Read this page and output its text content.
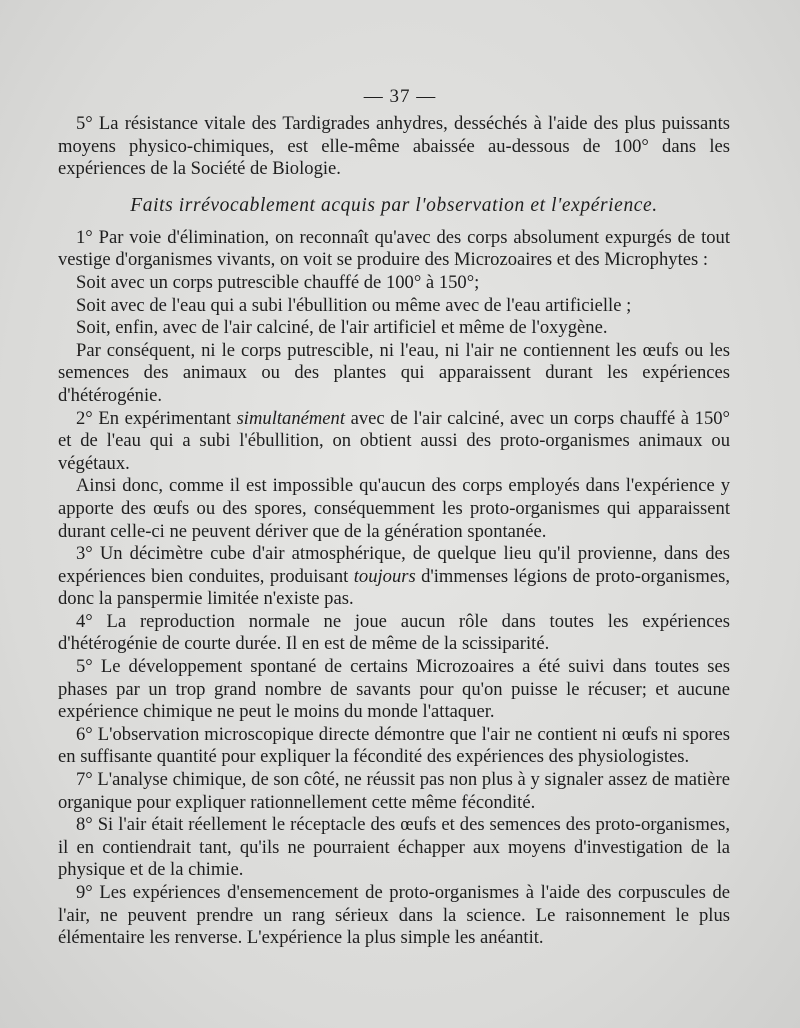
— 37 —

5° La résistance vitale des Tardigrades anhydres, desséchés à l'aide des plus puissants moyens physico-chimiques, est elle-même abaissée au-dessous de 100° dans les expériences de la Société de Biologie.

Faits irrévocablement acquis par l'observation et l'expérience.

1° Par voie d'élimination, on reconnaît qu'avec des corps absolument expurgés de tout vestige d'organismes vivants, on voit se produire des Microzoaires et des Microphytes :

Soit avec un corps putrescible chauffé de 100° à 150°;

Soit avec de l'eau qui a subi l'ébullition ou même avec de l'eau artificielle ;

Soit, enfin, avec de l'air calciné, de l'air artificiel et même de l'oxygène.

Par conséquent, ni le corps putrescible, ni l'eau, ni l'air ne contiennent les œufs ou les semences des animaux ou des plantes qui apparaissent durant les expériences d'hétérogénie.

2° En expérimentant simultanément avec de l'air calciné, avec un corps chauffé à 150° et de l'eau qui a subi l'ébullition, on obtient aussi des proto-organismes animaux ou végétaux.

Ainsi donc, comme il est impossible qu'aucun des corps employés dans l'expérience y apporte des œufs ou des spores, conséquemment les proto-organismes qui apparaissent durant celle-ci ne peuvent dériver que de la génération spontanée.

3° Un décimètre cube d'air atmosphérique, de quelque lieu qu'il provienne, dans des expériences bien conduites, produisant toujours d'immenses légions de proto-organismes, donc la panspermie limitée n'existe pas.

4° La reproduction normale ne joue aucun rôle dans toutes les expériences d'hétérogénie de courte durée. Il en est de même de la scissiparité.

5° Le développement spontané de certains Microzoaires a été suivi dans toutes ses phases par un trop grand nombre de savants pour qu'on puisse le récuser; et aucune expérience chimique ne peut le moins du monde l'attaquer.

6° L'observation microscopique directe démontre que l'air ne contient ni œufs ni spores en suffisante quantité pour expliquer la fécondité des expériences des physiologistes.

7° L'analyse chimique, de son côté, ne réussit pas non plus à y signaler assez de matière organique pour expliquer rationnellement cette même fécondité.

8° Si l'air était réellement le réceptacle des œufs et des semences des proto-organismes, il en contiendrait tant, qu'ils ne pourraient échapper aux moyens d'investigation de la physique et de la chimie.

9° Les expériences d'ensemencement de proto-organismes à l'aide des corpuscules de l'air, ne peuvent prendre un rang sérieux dans la science. Le raisonnement le plus élémentaire les renverse. L'expérience la plus simple les anéantit.
